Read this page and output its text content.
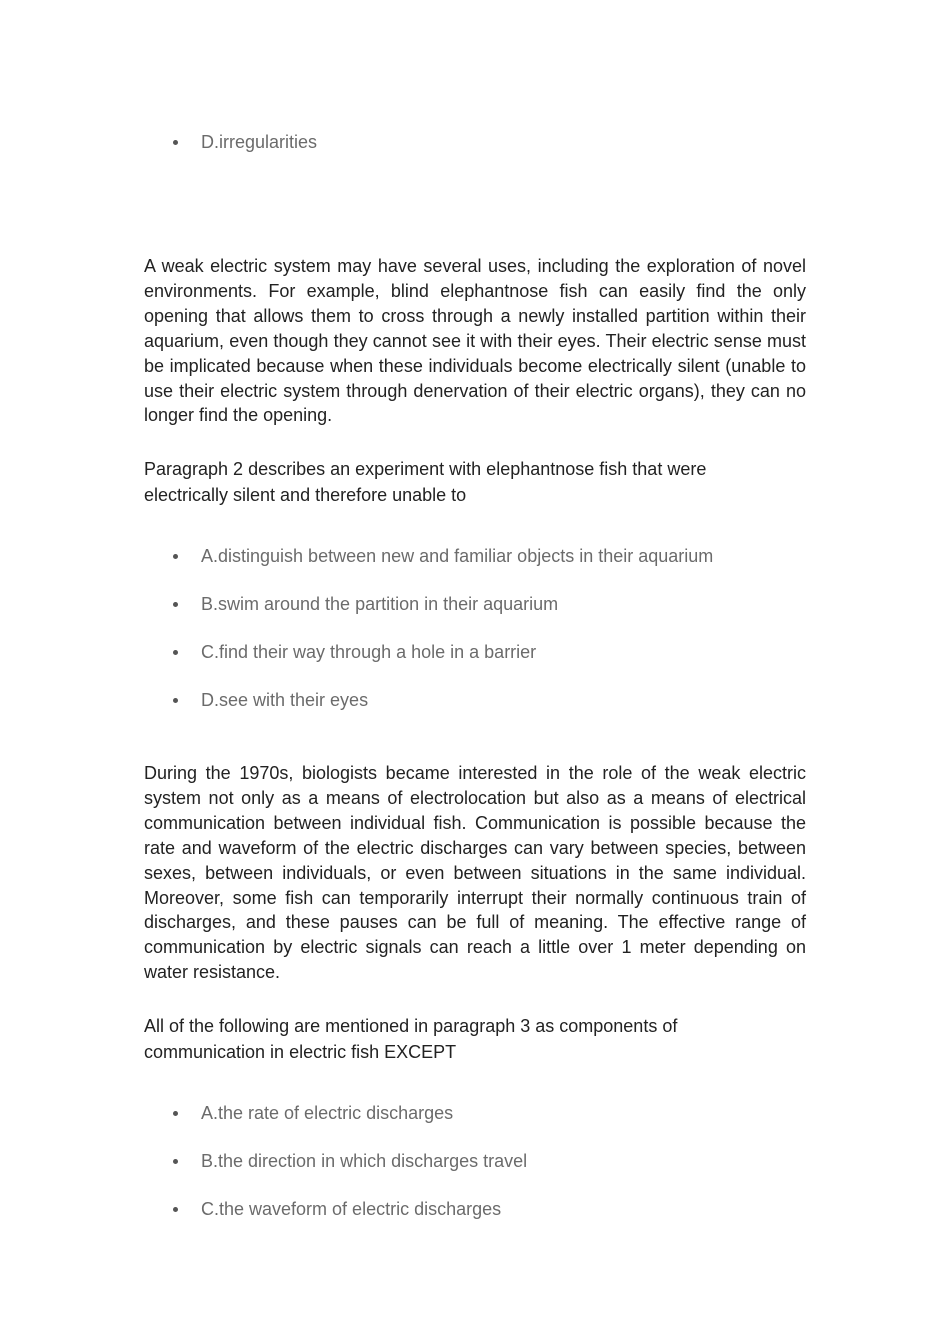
D.irregularities

A weak electric system may have several uses, including the exploration of novel environments. For example, blind elephantnose fish can easily find the only opening that allows them to cross through a newly installed partition within their aquarium, even though they cannot see it with their eyes. Their electric sense must be implicated because when these individuals become electrically silent (unable to use their electric system through denervation of their electric organs), they can no longer find the opening.

Paragraph 2 describes an experiment with elephantnose fish that were electrically silent and therefore unable to

A.distinguish between new and familiar objects in their aquarium
B.swim around the partition in their aquarium
C.find their way through a hole in a barrier
D.see with their eyes

During the 1970s, biologists became interested in the role of the weak electric system not only as a means of electrolocation but also as a means of electrical communication between individual fish. Communication is possible because the rate and waveform of the electric discharges can vary between species, between sexes, between individuals, or even between situations in the same individual. Moreover, some fish can temporarily interrupt their normally continuous train of discharges, and these pauses can be full of meaning. The effective range of communication by electric signals can reach a little over 1 meter depending on water resistance.

All of the following are mentioned in paragraph 3 as components of communication in electric fish EXCEPT

A.the rate of electric discharges
B.the direction in which discharges travel
C.the waveform of electric discharges
